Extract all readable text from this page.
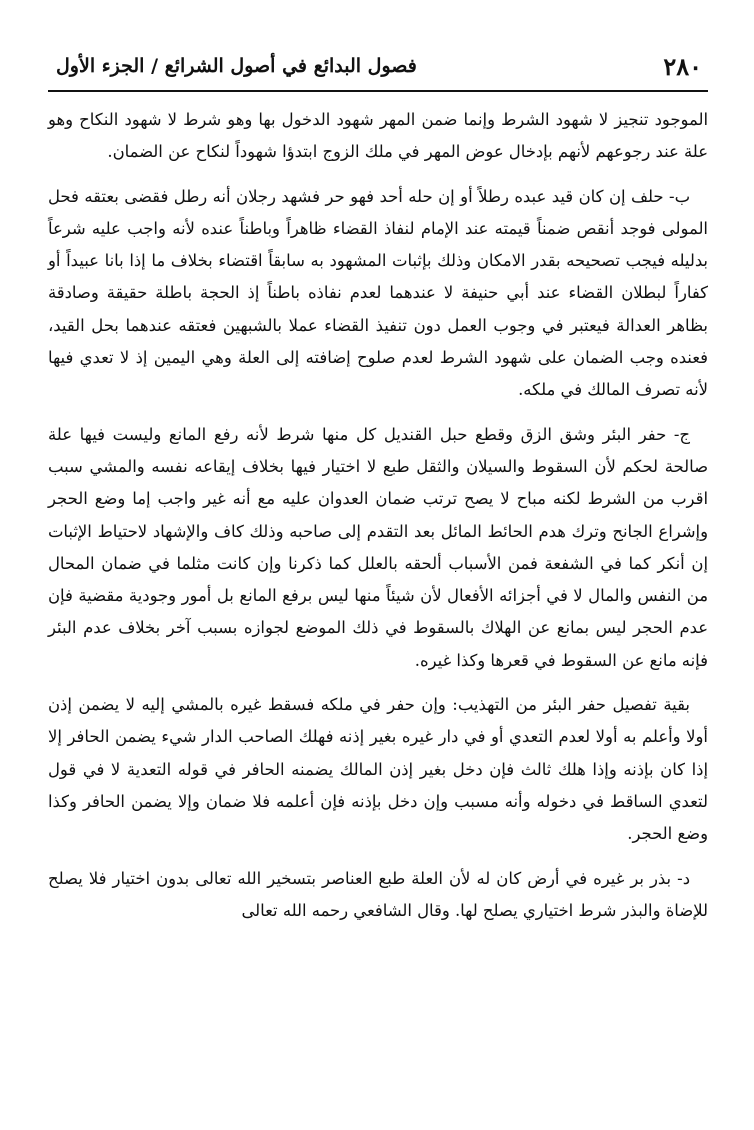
٢٨٠
فصول البدائع في أصول الشرائع / الجزء الأول

الموجود تنجيز لا شهود الشرط وإنما ضمن المهر شهود الدخول بها وهو شرط لا شهود النكاح وهو علة عند رجوعهم لأنهم بإدخال عوض المهر في ملك الزوج ابتدؤا شهوداً لنكاح عن الضمان.

ب- حلف إن كان قيد عبده رطلاً أو إن حله أحد فهو حر فشهد رجلان أنه رطل فقضى بعتقه فحل المولى فوجد أنقص ضمناً قيمته عند الإمام لنفاذ القضاء ظاهراً وباطناً عنده لأنه واجب عليه شرعاً بدليله فيجب تصحيحه بقدر الامكان وذلك بإثبات المشهود به سابقاً اقتضاء بخلاف ما إذا بانا عبيداً أو كفاراً لبطلان القضاء عند أبي حنيفة لا عندهما لعدم نفاذه باطناً إذ الحجة باطلة حقيقة وصادقة بظاهر العدالة فيعتبر في وجوب العمل دون تنفيذ القضاء عملا بالشبهين فعتقه عندهما بحل القيد، فعنده وجب الضمان على شهود الشرط لعدم صلوح إضافته إلى العلة وهي اليمين إذ لا تعدي فيها لأنه تصرف المالك في ملكه.

ج- حفر البئر وشق الزق وقطع حبل القنديل كل منها شرط لأنه رفع المانع وليست فيها علة صالحة لحكم لأن السقوط والسيلان والثقل طبع لا اختيار فيها بخلاف إيقاعه نفسه والمشي سبب اقرب من الشرط لكنه مباح لا يصح ترتب ضمان العدوان عليه مع أنه غير واجب إما وضع الحجر وإشراع الجانح وترك هدم الحائط المائل بعد التقدم إلى صاحبه وذلك كاف والإشهاد لاحتياط الإثبات إن أنكر كما في الشفعة فمن الأسباب ألحقه بالعلل كما ذكرنا وإن كانت مثلما في ضمان المحال من النفس والمال لا في أجزائه الأفعال لأن شيئاً منها ليس برفع المانع بل أمور وجودية مقضية فإن عدم الحجر ليس بمانع عن الهلاك بالسقوط في ذلك الموضع لجوازه بسبب آخر بخلاف عدم البئر فإنه مانع عن السقوط في قعرها وكذا غيره.

بقية تفصيل حفر البئر من التهذيب: وإن حفر في ملكه فسقط غيره بالمشي إليه لا يضمن إذن أولا وأعلم به أولا لعدم التعدي أو في دار غيره بغير إذنه فهلك الصاحب الدار شيء يضمن الحافر إلا إذا كان بإذنه وإذا هلك ثالث فإن دخل بغير إذن المالك يضمنه الحافر في قوله التعدية لا في قول لتعدي الساقط في دخوله وأنه مسبب وإن دخل بإذنه فإن أعلمه فلا ضمان وإلا يضمن الحافر وكذا وضع الحجر.

د- بذر بر غيره في أرض كان له لأن العلة طبع العناصر بتسخير الله تعالى بدون اختيار فلا يصلح للإضاة والبذر شرط اختياري يصلح لها. وقال الشافعي رحمه الله تعالى
